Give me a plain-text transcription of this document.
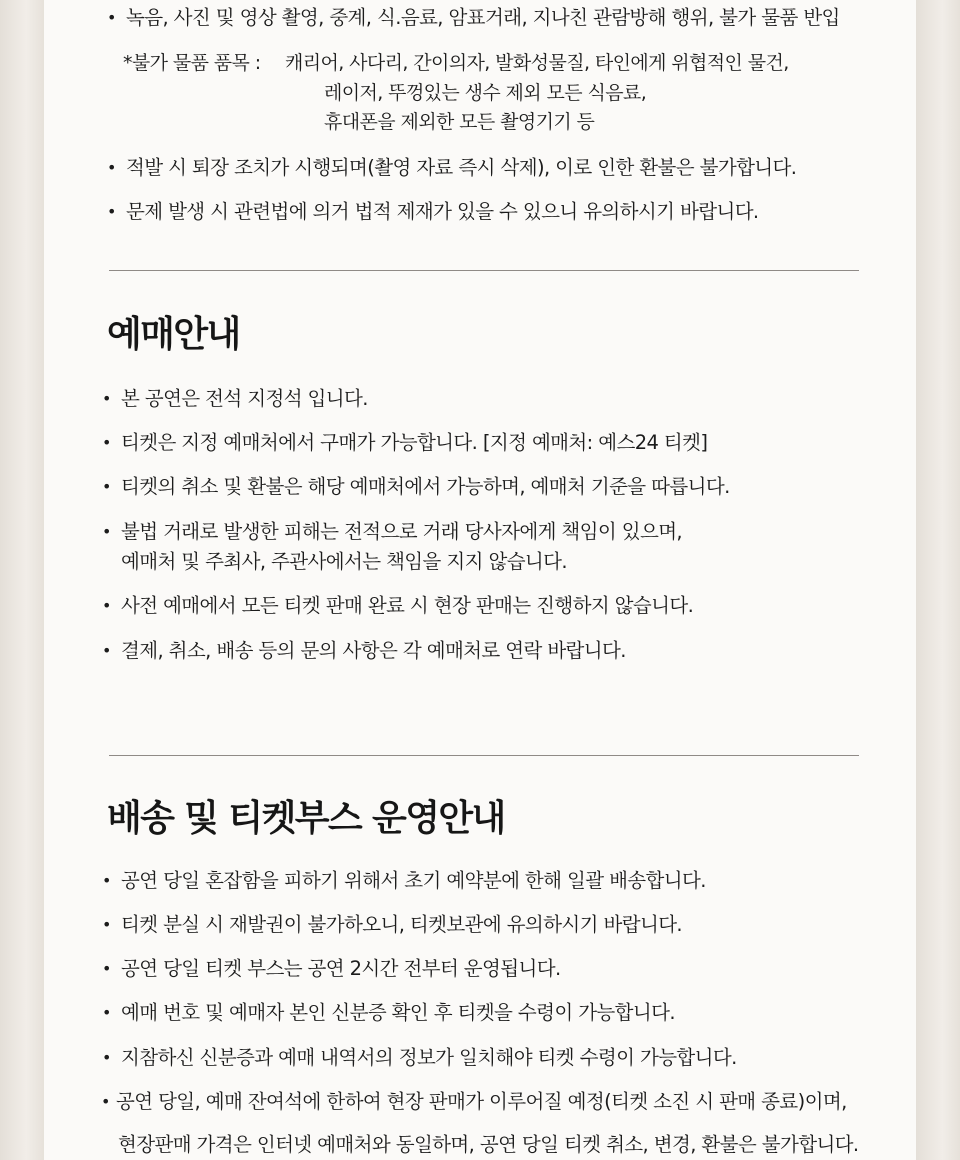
• 녹음, 사진 및 영상 촬영, 중계, 식.음료, 암표거래, 지나친 관람방해 행위, 불가 물품 반입
*불가 물품 품목 : 캐리어, 사다리, 간이의자, 발화성물질, 타인에게 위협적인 물건,
레이저, 뚜껑있는 생수 제외 모든 식음료,
휴대폰을 제외한 모든 촬영기기 등
• 적발 시 퇴장 조치가 시행되며(촬영 자료 즉시 삭제), 이로 인한 환불은 불가합니다.
• 문제 발생 시 관련법에 의거 법적 제재가 있을 수 있으니 유의하시기 바랍니다.
예매안내
• 본 공연은 전석 지정석 입니다.
• 티켓은 지정 예매처에서 구매가 가능합니다. [지정 예매처: 예스24 티켓]
• 티켓의 취소 및 환불은 해당 예매처에서 가능하며, 예매처 기준을 따릅니다.
• 불법 거래로 발생한 피해는 전적으로 거래 당사자에게 책임이 있으며,
예매처 및 주최사, 주관사에서는 책임을 지지 않습니다.
• 사전 예매에서 모든 티켓 판매 완료 시 현장 판매는 진행하지 않습니다.
• 결제, 취소, 배송 등의 문의 사항은 각 예매처로 연락 바랍니다.
배송 및 티켓부스 운영안내
• 공연 당일 혼잡함을 피하기 위해서 초기 예약분에 한해 일괄 배송합니다.
• 티켓 분실 시 재발권이 불가하오니, 티켓보관에 유의하시기 바랍니다.
• 공연 당일 티켓 부스는 공연 2시간 전부터 운영됩니다.
• 예매 번호 및 예매자 본인 신분증 확인 후 티켓을 수령이 가능합니다.
• 지참하신 신분증과 예매 내역서의 정보가 일치해야 티켓 수령이 가능합니다.
• 공연 당일, 예매 잔여석에 한하여 현장 판매가 이루어질 예정(티켓 소진 시 판매 종료)이며,
현장판매 가격은 인터넷 예매처와 동일하며, 공연 당일 티켓 취소, 변경, 환불은 불가합니다.
